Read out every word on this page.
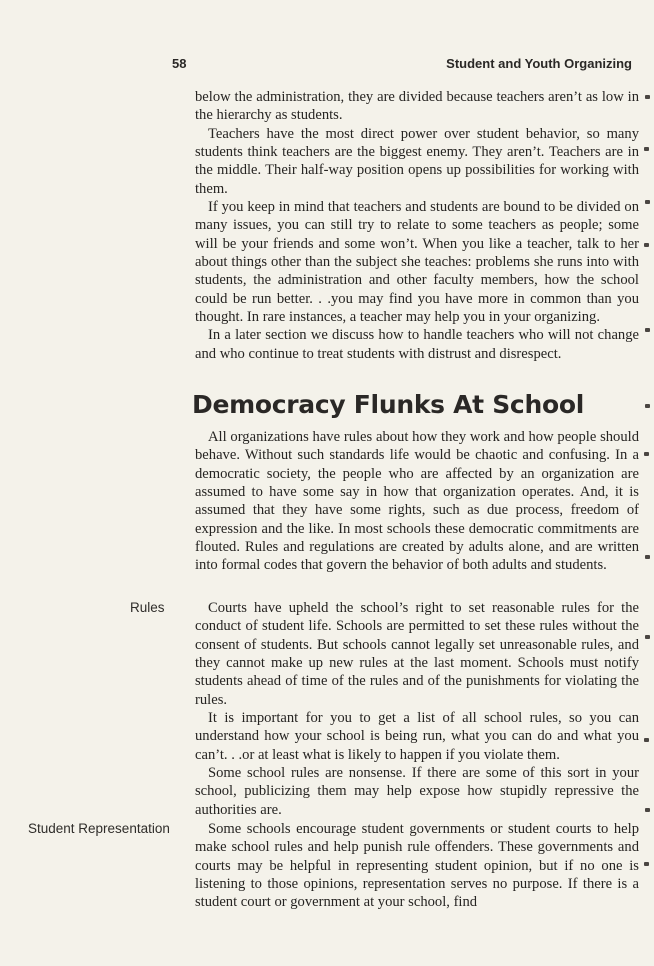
58	Student and Youth Organizing

below the administration, they are divided because teachers aren’t as low in the hierarchy as students.

Teachers have the most direct power over student behavior, so many students think teachers are the biggest enemy. They aren’t. Teachers are in the middle. Their half-way position opens up possibilities for working with them.

If you keep in mind that teachers and students are bound to be divided on many issues, you can still try to relate to some teachers as people; some will be your friends and some won’t. When you like a teacher, talk to her about things other than the subject she teaches: problems she runs into with students, the administration and other faculty members, how the school could be run better. . .you may find you have more in common than you thought. In rare instances, a teacher may help you in your organizing.

In a later section we discuss how to handle teachers who will not change and who continue to treat students with distrust and disrespect.

Democracy Flunks At School

All organizations have rules about how they work and how people should behave. Without such standards life would be chaotic and confusing. In a democratic society, the people who are affected by an organization are assumed to have some say in how that organization operates. And, it is assumed that they have some rights, such as due process, freedom of expression and the like. In most schools these democratic commitments are flouted. Rules and regulations are created by adults alone, and are written into formal codes that govern the behavior of both adults and students.

Rules	Courts have upheld the school’s right to set reasonable rules for the conduct of student life. Schools are permitted to set these rules without the consent of students. But schools cannot legally set unreasonable rules, and they cannot make up new rules at the last moment. Schools must notify students ahead of time of the rules and of the punishments for violating the rules.

It is important for you to get a list of all school rules, so you can understand how your school is being run, what you can do and what you can’t. . .or at least what is likely to happen if you violate them.

Some school rules are nonsense. If there are some of this sort in your school, publicizing them may help expose how stupidly repressive the authorities are.

Student Representation	Some schools encourage student governments or student courts to help make school rules and help punish rule offenders. These governments and courts may be helpful in representing student opinion, but if no one is listening to those opinions, representation serves no purpose. If there is a student court or government at your school, find
